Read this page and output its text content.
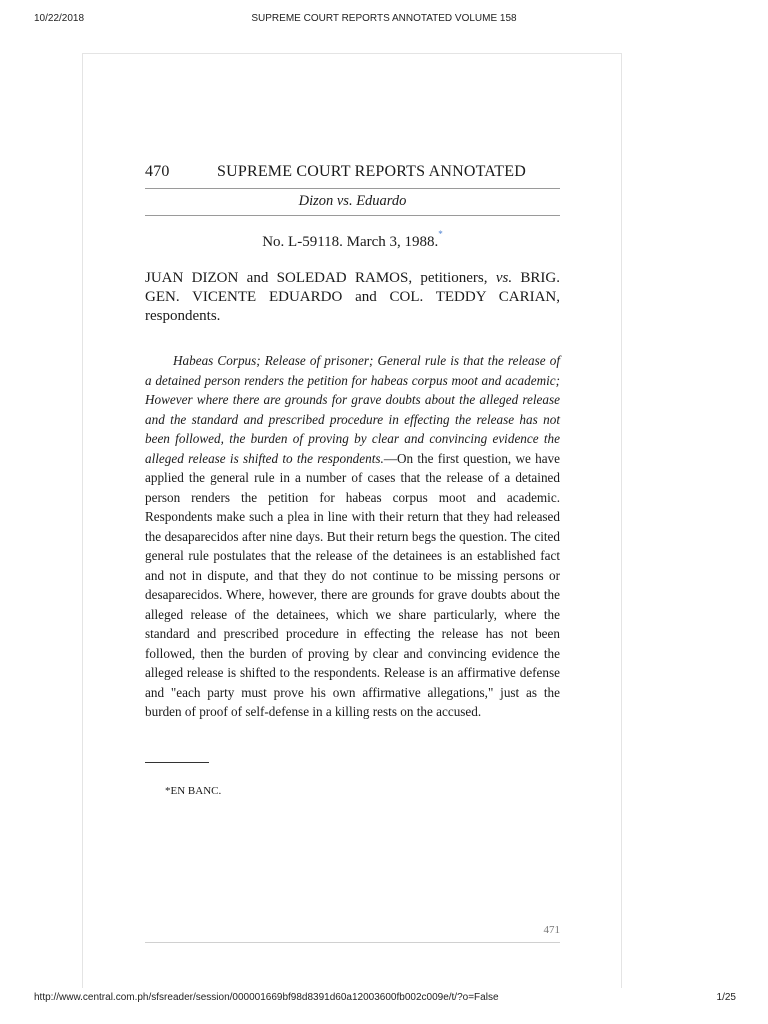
10/22/2018	SUPREME COURT REPORTS ANNOTATED VOLUME 158
470	SUPREME COURT REPORTS ANNOTATED
Dizon vs. Eduardo
No. L-59118. March 3, 1988.*
JUAN DIZON and SOLEDAD RAMOS, petitioners, vs. BRIG. GEN. VICENTE EDUARDO and COL. TEDDY CARIAN, respondents.
Habeas Corpus; Release of prisoner; General rule is that the release of a detained person renders the petition for habeas corpus moot and academic; However where there are grounds for grave doubts about the alleged release and the standard and prescribed procedure in effecting the release has not been followed, the burden of proving by clear and convincing evidence the alleged release is shifted to the respondents.—On the first question, we have applied the general rule in a number of cases that the release of a detained person renders the petition for habeas corpus moot and academic. Respondents make such a plea in line with their return that they had released the desaparecidos after nine days. But their return begs the question. The cited general rule postulates that the release of the detainees is an established fact and not in dispute, and that they do not continue to be missing persons or desaparecidos. Where, however, there are grounds for grave doubts about the alleged release of the detainees, which we share particularly, where the standard and prescribed procedure in effecting the release has not been followed, then the burden of proving by clear and convincing evidence the alleged release is shifted to the respondents. Release is an affirmative defense and "each party must prove his own affirmative allegations," just as the burden of proof of self-defense in a killing rests on the accused.
*EN BANC.
471
http://www.central.com.ph/sfsreader/session/000001669bf98d8391d60a12003600fb002c009e/t/?o=False	1/25
